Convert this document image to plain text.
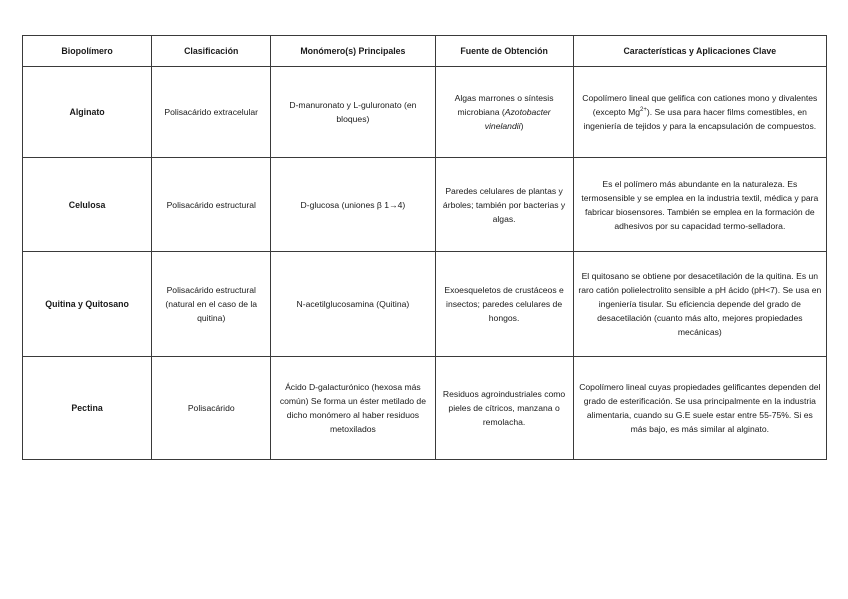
Biopolímero	Clasificación	Monómero(s) Principales	Fuente de Obtención	Características y Aplicaciones Clave
Alginato	Polisacárido extracelular	D-manuronato y L-guluronato (en bloques)	Algas marrones o síntesis microbiana (Azotobacter vinelandii)	Copolímero lineal que gelifica con cationes mono y divalentes (excepto $Mg^{2+}$). Se usa para hacer films comestibles, en ingeniería de tejidos y para la encapsulación de compuestos.
Celulosa	Polisacárido estructural	D-glucosa (uniones β 1→4)	Paredes celulares de plantas y árboles; también por bacterias y algas.	Es el polímero más abundante en la naturaleza. Es termosensible y se emplea en la industria textil, médica y para fabricar biosensores. También se emplea en la formación de adhesivos por su capacidad termo-selladora.
Quitina y Quitosano	Polisacárido estructural (natural en el caso de la quitina)	N-acetilglucosamina (Quitina)	Exoesqueletos de crustáceos e insectos; paredes celulares de hongos.	El quitosano se obtiene por desacetilación de la quitina. Es un raro catión polielectrolito sensible a pH ácido (pH<7). Se usa en ingeniería tisular. Su eficiencia depende del grado de desacetilación (cuanto más alto, mejores propiedades mecánicas)
Pectina	Polisacárido	Ácido D-galacturónico (hexosa más común) Se forma un éster metilado de dicho monómero al haber residuos metoxilados	Residuos agroindustriales como pieles de cítricos, manzana o remolacha.	Copolímero lineal cuyas propiedades gelificantes dependen del grado de esterificación. Se usa principalmente en la industria alimentaria, cuando su G.E suele estar entre 55-75%. Si es más bajo, es más similar al alginato.
